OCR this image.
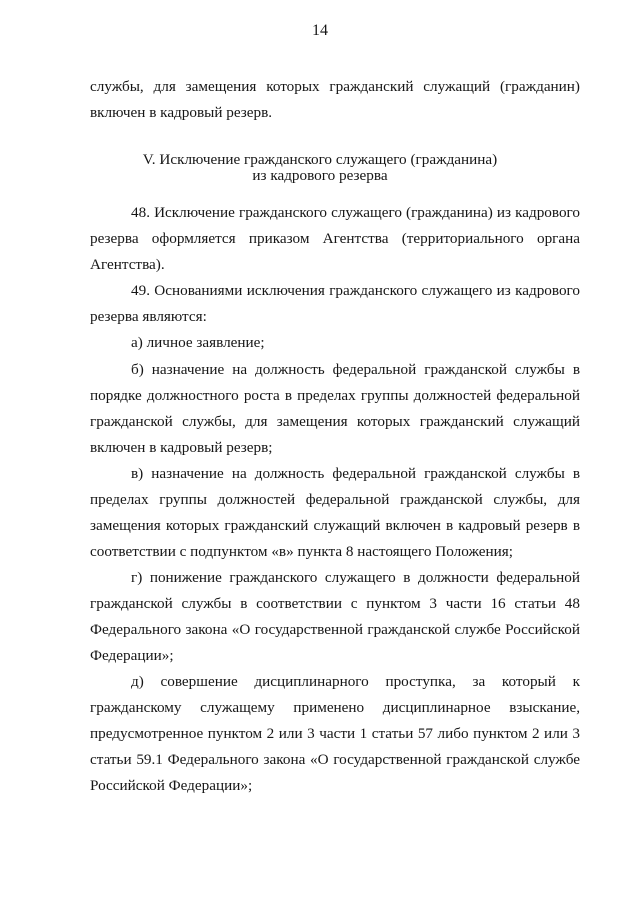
14
службы, для замещения которых гражданский служащий (гражданин)
включен в кадровый резерв.
V. Исключение гражданского служащего (гражданина)
из кадрового резерва
48. Исключение гражданского служащего (гражданина) из кадрового
резерва оформляется приказом Агентства (территориального органа
Агентства).
49. Основаниями исключения гражданского служащего из кадрового
резерва являются:
а) личное заявление;
б) назначение на должность федеральной гражданской службы в
порядке должностного роста в пределах группы должностей федеральной
гражданской службы, для замещения которых гражданский служащий
включен в кадровый резерв;
в) назначение на должность федеральной гражданской службы в
пределах группы должностей федеральной гражданской службы, для
замещения которых гражданский служащий включен в кадровый резерв в
соответствии с подпунктом «в» пункта 8 настоящего Положения;
г) понижение гражданского служащего в должности федеральной
гражданской службы в соответствии с пунктом 3 части 16 статьи 48
Федерального закона «О государственной гражданской службе Российской
Федерации»;
д) совершение дисциплинарного проступка, за который к
гражданскому служащему применено дисциплинарное взыскание,
предусмотренное пунктом 2 или 3 части 1 статьи 57 либо пунктом 2 или 3
статьи 59.1 Федерального закона «О государственной гражданской службе
Российской Федерации»;
